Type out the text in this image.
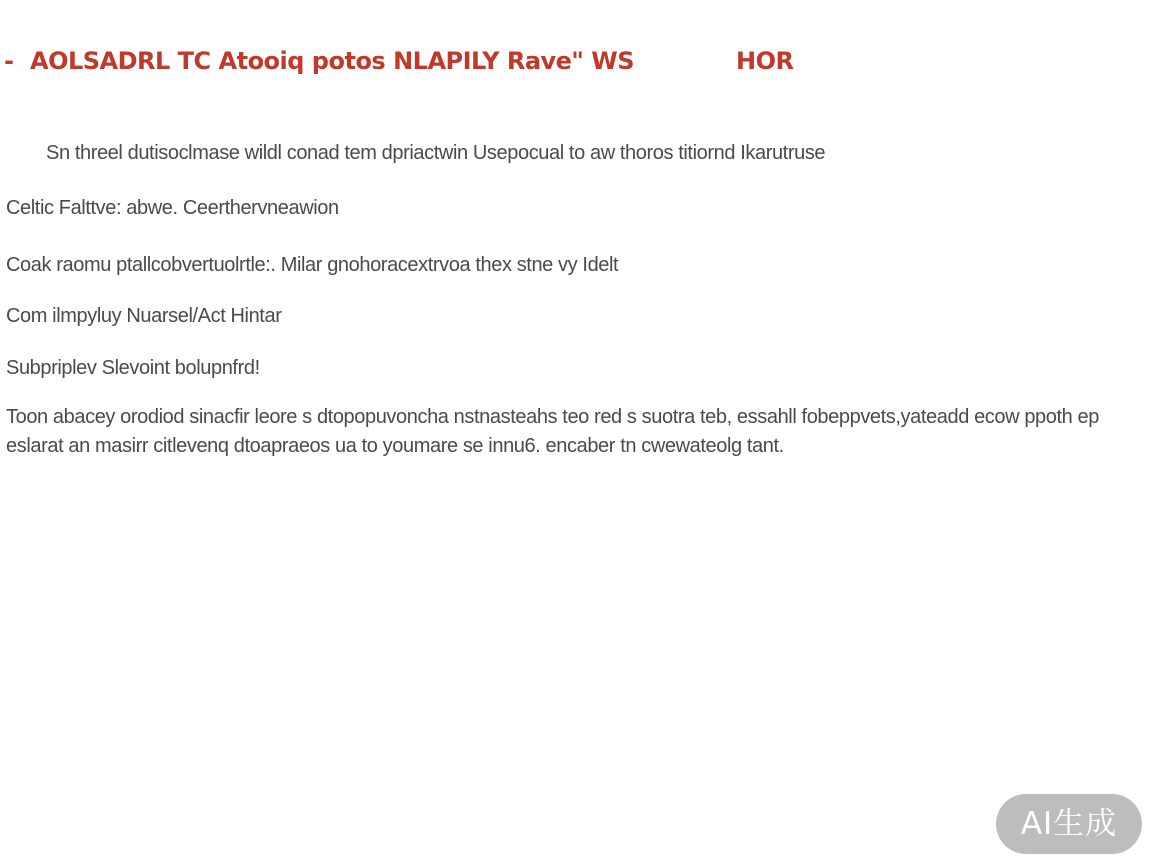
- AOLSADRL TC Atooiq potos NLAPILY Rave" WS	HOR
Sn threel dutisoclmase wildl conad tem dpriactwin Usepocual to aw thoros titiornd Ikarutruse
Celtic Falttve: abwe. Ceerthervneawion
Coak raomu ptallcobvertuolrtle:. Milar gnohoracextrvoa thex stne vy Idelt
Com ilmpyluy Nuarsel/Act Hintar
Subpriplev Slevoint bolupnfrd!
Toon abacey orodiod sinacfir leore s dtopopuvoncha nstnasteahs teo red s suotra teb, essahll fobeppvets,yateadd ecow ppoth ep eslarat an masirr citlevenq dtoapraeos ua to youmare se innu6. encaber tn cwewateolg tant.
AI生成
